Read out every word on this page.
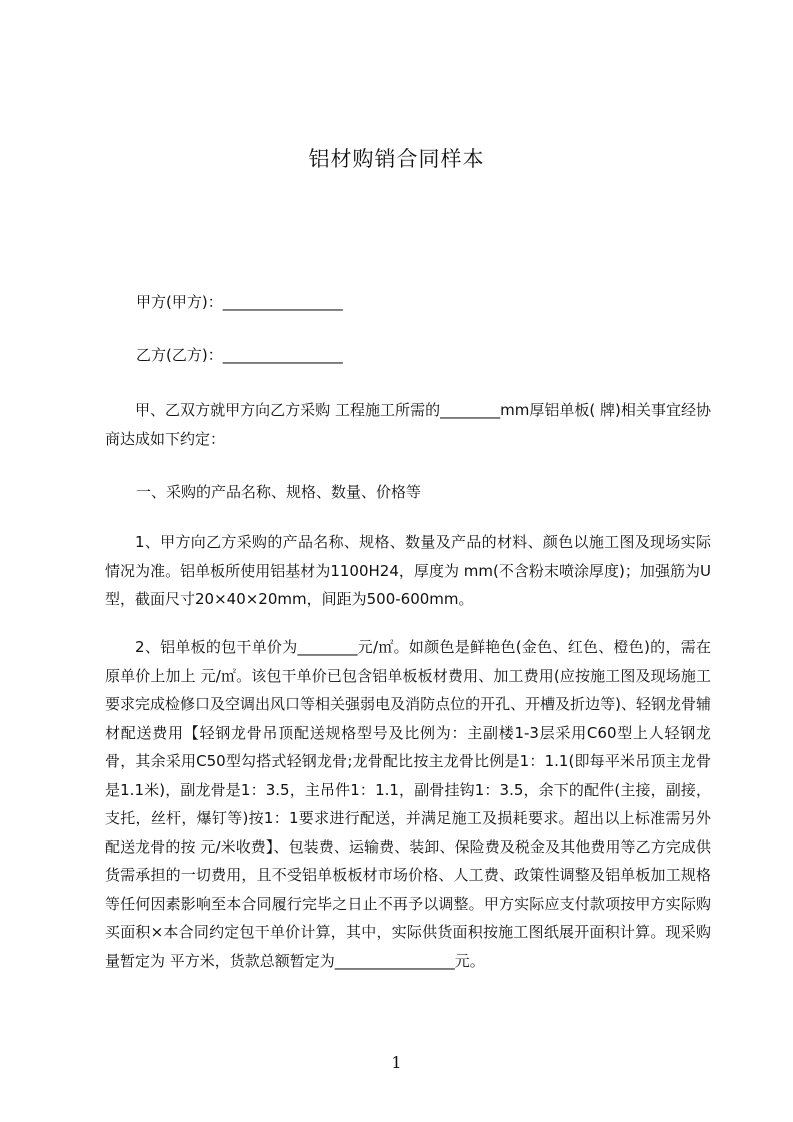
铝材购销合同样本
甲方(甲方)：________________
乙方(乙方)：________________

甲、乙双方就甲方向乙方采购 工程施工所需的________mm厚铝单板( 牌)相关事宜经协商达成如下约定：

一、采购的产品名称、规格、数量、价格等

1、甲方向乙方采购的产品名称、规格、数量及产品的材料、颜色以施工图及现场实际情况为准。铝单板所使用铝基材为1100H24，厚度为 mm(不含粉末喷涂厚度)；加强筋为U型，截面尺寸20×40×20mm，间距为500-600mm。

2、铝单板的包干单价为________元/㎡。如颜色是鲜艳色(金色、红色、橙色)的，需在原单价上加上 元/㎡。该包干单价已包含铝单板板材费用、加工费用(应按施工图及现场施工要求完成检修口及空调出风口等相关强弱电及消防点位的开孔、开槽及折边等)、轻钢龙骨辅材配送费用【轻钢龙骨吊顶配送规格型号及比例为：主副楼1-3层采用C60型上人轻钢龙骨，其余采用C50型勾搭式轻钢龙骨;龙骨配比按主龙骨比例是1：1.1(即每平米吊顶主龙骨是1.1米)，副龙骨是1：3.5，主吊件1：1.1，副骨挂钩1：3.5，余下的配件(主接，副接，支托，丝杆，爆钉等)按1：1要求进行配送，并满足施工及损耗要求。超出以上标准需另外配送龙骨的按 元/米收费】、包装费、运输费、装卸、保险费及税金及其他费用等乙方完成供货需承担的一切费用，且不受铝单板板材市场价格、人工费、政策性调整及铝单板加工规格等任何因素影响至本合同履行完毕之日止不再予以调整。甲方实际应支付款项按甲方实际购买面积×本合同约定包干单价计算，其中，实际供货面积按施工图纸展开面积计算。现采购量暂定为 平方米，货款总额暂定为________________元。

1
